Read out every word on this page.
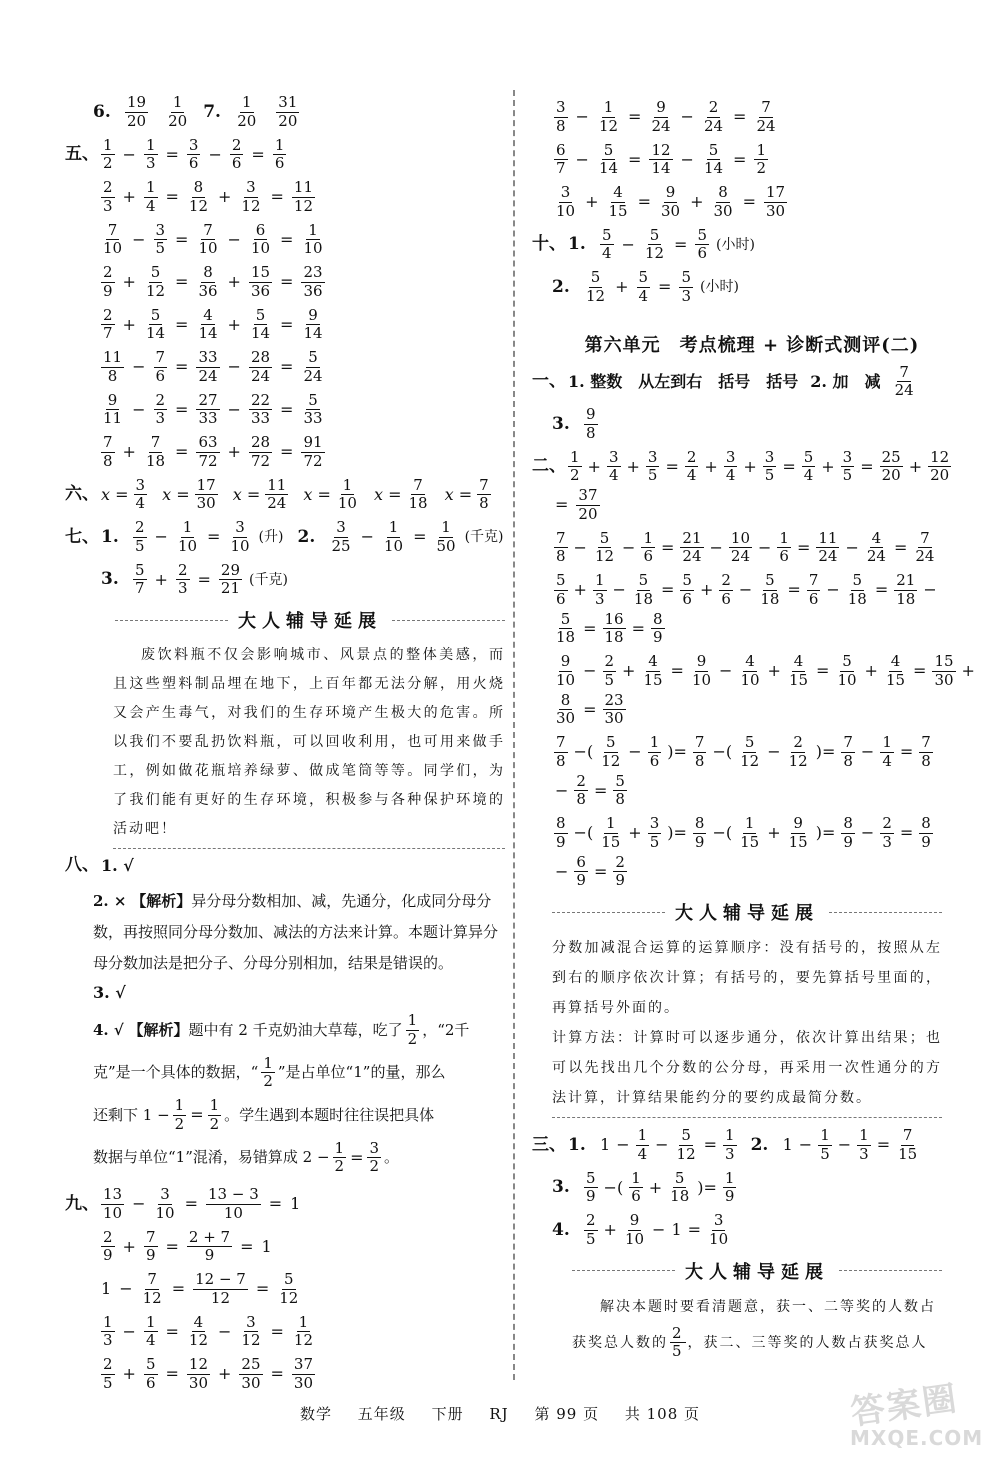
6. $\frac{19}{20} \frac{1}{20} 7$. $\frac{1}{20} \frac{31}{20}$
五、 $\frac{1}{2} - \frac{1}{3} = \frac{3}{6} - \frac{2}{6} = \frac{1}{6}$
$\frac{2}{3} + \frac{1}{4} = \frac{8}{12} + \frac{3}{12} = \frac{11}{12}$
$\frac{7}{10} - \frac{3}{5} = \frac{7}{10} - \frac{6}{10} = \frac{1}{10}$
$\frac{2}{9} + \frac{5}{12} = \frac{8}{36} + \frac{15}{36} = \frac{23}{36}$
$\frac{2}{7} + \frac{5}{14} = \frac{4}{14} + \frac{5}{14} = \frac{9}{14}$
$\frac{11}{8} - \frac{7}{6} = \frac{33}{24} - \frac{28}{24} = \frac{5}{24}$
$\frac{9}{11} - \frac{2}{3} = \frac{27}{33} - \frac{22}{33} = \frac{5}{33}$
$\frac{7}{8} + \frac{7}{18} = \frac{63}{72} + \frac{28}{72} = \frac{91}{72}$
六、 $x = \frac{3}{4}$ $x = \frac{17}{30}$ $x = \frac{11}{24}$ $x = \frac{1}{10}$ $x = \frac{7}{18}$ $x = \frac{7}{8}$
七、 1. $\frac{2}{5} - \frac{1}{10} = \frac{3}{10}$ (升) 2. $\frac{3}{25} - \frac{1}{10} = \frac{1}{50}$ (千克)
3. $\frac{5}{7} + \frac{2}{3} = \frac{29}{21}$ (千克)
大人辅导延展
废饮料瓶不仅会影响城市、风景点的整体美感，而且这些塑料制品埋在地下，上百年都无法分解，用火烧又会产生毒气，对我们的生存环境产生极大的危害。所以我们不要乱扔饮料瓶，可以回收利用，也可用来做手工，例如做花瓶培养绿萝、做成笔筒等等。同学们，为了我们能有更好的生存环境，积极参与各种保护环境的活动吧！
八、 1. √
2. × 【解析】异分母分数相加、减，先通分，化成同分母分数，再按照同分母分数加、减法的方法来计算。本题计算异分母分数加法是把分子、分母分别相加，结果是错误的。
3. √
4. √
【解析】 题中有 2 千克奶油大草莓，吃了 $\frac{1}{2}$ ，“2千
克”是一个具体的数据，“ $\frac{1}{2}$ ”是占单位“1”的量，那么
还剩下 $1 - \frac{1}{2} = \frac{1}{2}$ 。学生遇到本题时往往误把具体
数据与单位“1”混淆，易错算成 $2 - \frac{1}{2} = \frac{3}{2}$ 。
九、 $\frac{13}{10} - \frac{3}{10} = \frac{13 - 3}{10} = 1$
$\frac{2}{9} + \frac{7}{9} = \frac{2 + 7}{9} = 1$
$1 - \frac{7}{12} = \frac{12 - 7}{12} = \frac{5}{12}$
$\frac{1}{3} - \frac{1}{4} = \frac{4}{12} - \frac{3}{12} = \frac{1}{12}$
$\frac{2}{5} + \frac{5}{6} = \frac{12}{30} + \frac{25}{30} = \frac{37}{30}$
$\frac{3}{8} - \frac{1}{12} = \frac{9}{24} - \frac{2}{24} = \frac{7}{24}$
$\frac{6}{7} - \frac{5}{14} = \frac{12}{14} - \frac{5}{14} = \frac{1}{2}$
$\frac{3}{10} + \frac{4}{15} = \frac{9}{30} + \frac{8}{30} = \frac{17}{30}$
十、 1. $\frac{5}{4} - \frac{5}{12} = \frac{5}{6}$ (小时)
2. $\frac{5}{12} + \frac{5}{4} = \frac{5}{3}$ (小时)
第六单元　考点梳理 + 诊断式测评(二)
一、 1. 整数　从左到右　括号　括号 2. 加　减 $\frac{7}{24}$
3. $\frac{9}{8}$
二、 $\frac{1}{2} + \frac{3}{4} + \frac{3}{5} = \frac{2}{4} + \frac{3}{4} + \frac{3}{5} = \frac{5}{4} + \frac{3}{5} = \frac{25}{20} + \frac{12}{20}$
= $\frac{37}{20}$
$\frac{7}{8} - \frac{5}{12} - \frac{1}{6} = \frac{21}{24} - \frac{10}{24} - \frac{1}{6} = \frac{11}{24} - \frac{4}{24} = \frac{7}{24}$
$\frac{5}{6} + \frac{1}{3} - \frac{5}{18} = \frac{5}{6} + \frac{2}{6} - \frac{5}{18} = \frac{7}{6} - \frac{5}{18} = \frac{21}{18}$ −
$\frac{5}{18} = \frac{16}{18} = \frac{8}{9}$
$\frac{9}{10} - \frac{2}{5} + \frac{4}{15} = \frac{9}{10} - \frac{4}{10} + \frac{4}{15} = \frac{5}{10} + \frac{4}{15} = \frac{15}{30}$ +
$\frac{8}{30} = \frac{23}{30}$
$\frac{7}{8}$ −( $\frac{5}{12} - \frac{1}{6}$ )= $\frac{7}{8}$ −( $\frac{5}{12} - \frac{2}{12}$ )= $\frac{7}{8} - \frac{1}{4} = \frac{7}{8}$
− $\frac{2}{8} = \frac{5}{8}$
$\frac{8}{9}$ −( $\frac{1}{15} + \frac{3}{5}$ )= $\frac{8}{9}$ −( $\frac{1}{15} + \frac{9}{15}$ )= $\frac{8}{9} - \frac{2}{3} = \frac{8}{9}$
− $\frac{6}{9} = \frac{2}{9}$
大人辅导延展
分数加减混合运算的运算顺序：没有括号的，按照从左到右的顺序依次计算；有括号的，要先算括号里面的，再算括号外面的。
计算方法：计算时可以逐步通分，依次计算出结果；也可以先找出几个分数的公分母，再采用一次性通分的方法计算，计算结果能约分的要约成最简分数。
三、 1. $1 - \frac{1}{4} - \frac{5}{12} = \frac{1}{3} 2$. $1 - \frac{1}{5} - \frac{1}{3} = \frac{7}{15}$
3. $\frac{5}{9}$ −( $\frac{1}{6} + \frac{5}{18}$ )= $\frac{1}{9}$
4. $\frac{2}{5} + \frac{9}{10} - 1 = \frac{3}{10}$
大人辅导延展
解决本题时要看清题意，获一、二等奖的人数占
获奖总人数的 $\frac{2}{5}$ ，获二、三等奖的人数占获奖总人
数学 五年级 下册 RJ 第 99 页 共 108 页	答案圈
MXQE.COM
